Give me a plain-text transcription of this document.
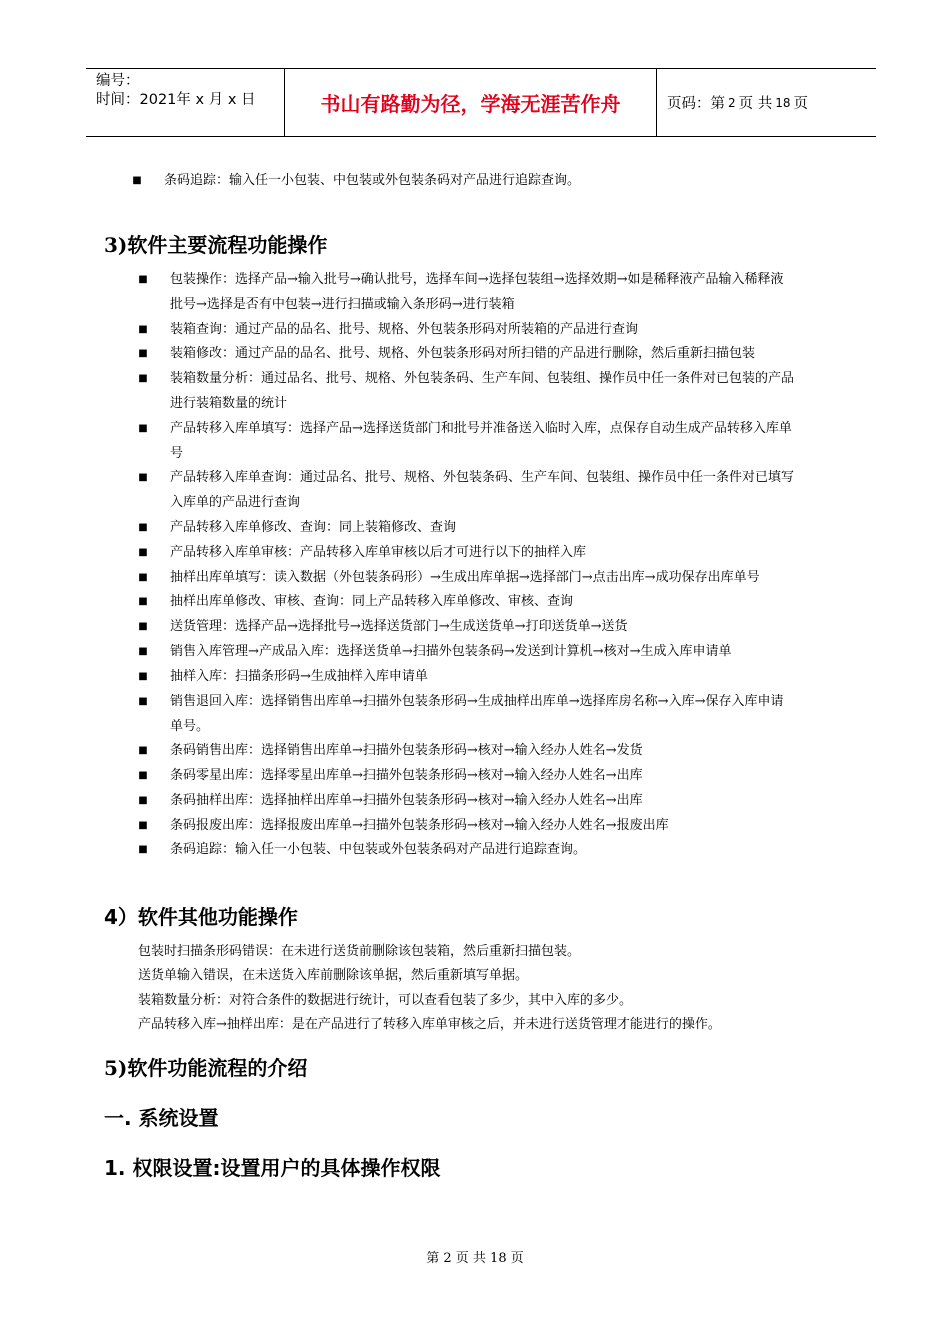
编号：
时间：2021年 x 月 x 日	书山有路勤为径，学海无涯苦作舟	页码：第 2 页 共 18 页
■ 条码追踪：输入任一小包装、中包装或外包装条码对产品进行追踪查询。
3)软件主要流程功能操作
■ 包装操作：选择产品→输入批号→确认批号，选择车间→选择包装组→选择效期→如是稀释液产品输入稀释液
批号→选择是否有中包装→进行扫描或输入条形码→进行装箱
■ 装箱查询：通过产品的品名、批号、规格、外包装条形码对所装箱的产品进行查询
■ 装箱修改：通过产品的品名、批号、规格、外包装条形码对所扫错的产品进行删除，然后重新扫描包装
■ 装箱数量分析：通过品名、批号、规格、外包装条码、生产车间、包装组、操作员中任一条件对已包装的产品
进行装箱数量的统计
■ 产品转移入库单填写：选择产品→选择送货部门和批号并准备送入临时入库，点保存自动生成产品转移入库单
号
■ 产品转移入库单查询：通过品名、批号、规格、外包装条码、生产车间、包装组、操作员中任一条件对已填写
入库单的产品进行查询
■ 产品转移入库单修改、查询：同上装箱修改、查询
■ 产品转移入库单审核：产品转移入库单审核以后才可进行以下的抽样入库
■ 抽样出库单填写：读入数据（外包装条码形）→生成出库单据→选择部门→点击出库→成功保存出库单号
■ 抽样出库单修改、审核、查询：同上产品转移入库单修改、审核、查询
■ 送货管理：选择产品→选择批号→选择送货部门→生成送货单→打印送货单→送货
■ 销售入库管理→产成品入库：选择送货单→扫描外包装条码→发送到计算机→核对→生成入库申请单
■ 抽样入库：扫描条形码→生成抽样入库申请单
■ 销售退回入库：选择销售出库单→扫描外包装条形码→生成抽样出库单→选择库房名称→入库→保存入库申请
单号。
■ 条码销售出库：选择销售出库单→扫描外包装条形码→核对→输入经办人姓名→发货
■ 条码零星出库：选择零星出库单→扫描外包装条形码→核对→输入经办人姓名→出库
■ 条码抽样出库：选择抽样出库单→扫描外包装条形码→核对→输入经办人姓名→出库
■ 条码报废出库：选择报废出库单→扫描外包装条形码→核对→输入经办人姓名→报废出库
■ 条码追踪：输入任一小包装、中包装或外包装条码对产品进行追踪查询。
4）软件其他功能操作
包装时扫描条形码错误：在未进行送货前删除该包装箱，然后重新扫描包装。
送货单输入错误，在未送货入库前删除该单据，然后重新填写单据。
装箱数量分析：对符合条件的数据进行统计，可以查看包装了多少，其中入库的多少。
产品转移入库→抽样出库：是在产品进行了转移入库单审核之后，并未进行送货管理才能进行的操作。
5)软件功能流程的介绍
一. 系统设置
1. 权限设置:设置用户的具体操作权限
第 2 页 共 18 页
